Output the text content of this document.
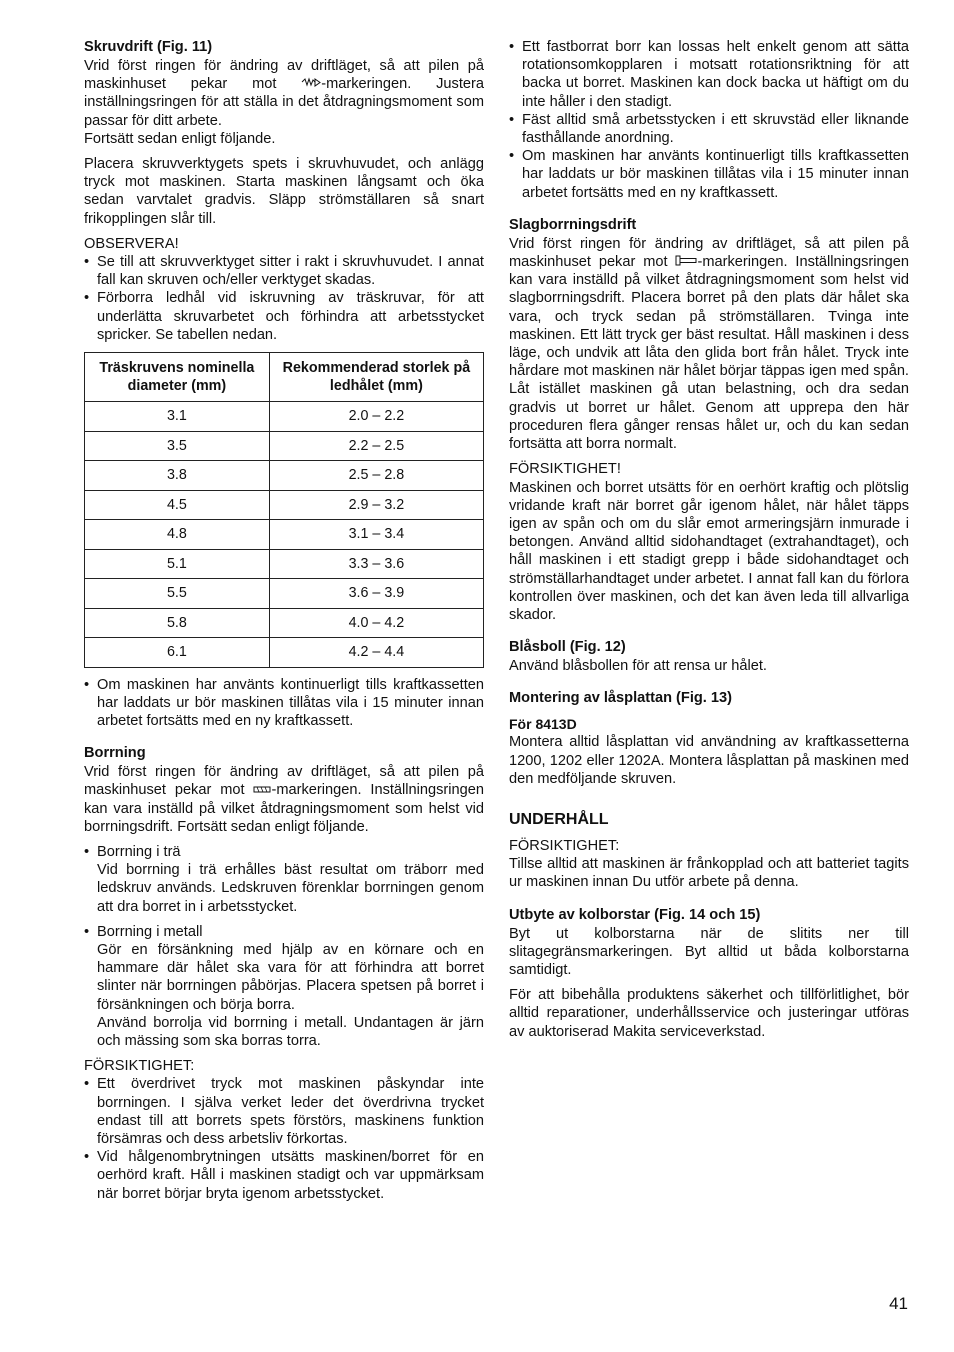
Skruvdrift (Fig. 11)

Vrid först ringen för ändring av driftläget, så att pilen på maskinhuset pekar mot -markeringen. Justera inställningsringen för att ställa in det åtdragningsmoment som passar för ditt arbete.

Fortsätt sedan enligt följande.

Placera skruvverktygets spets i skruvhuvudet, och anlägg tryck mot maskinen. Starta maskinen långsamt och öka sedan varvtalet gradvis. Släpp strömställaren så snart frikopplingen slår till.

OBSERVERA!

• Se till att skruvverktyget sitter i rakt i skruvhuvudet. I annat fall kan skruven och/eller verktyget skadas.
• Förborra ledhål vid iskruvning av träskruvar, för att underlätta skruvarbetet och förhindra att arbetsstycket spricker. Se tabellen nedan.
Träskruvens nominella diameter (mm)	Rekommenderad storlek på ledhålet (mm)
3.1	2.0 – 2.2
3.5	2.2 – 2.5
3.8	2.5 – 2.8
4.5	2.9 – 3.2
4.8	3.1 – 3.4
5.1	3.3 – 3.6
5.5	3.6 – 3.9
5.8	4.0 – 4.2
6.1	4.2 – 4.4
• Om maskinen har använts kontinuerligt tills kraftkassetten har laddats ur bör maskinen tillåtas vila i 15 minuter innan arbetet fortsätts med en ny kraftkassett.
Borrning

Vrid först ringen för ändring av driftläget, så att pilen på maskinhuset pekar mot -markeringen. Inställningsringen kan vara inställd på vilket åtdragningsmoment som helst vid borrningsdrift. Fortsätt sedan enligt följande.

• Borrning i trä
Vid borrning i trä erhålles bäst resultat om träborr med ledskruv används. Ledskruven förenklar borrningen genom att dra borret in i arbetsstycket.
• Borrning i metall
Gör en försänkning med hjälp av en körnare och en hammare där hålet ska vara för att förhindra att borret slinter när borrningen påbörjas. Placera spetsen på borret i försänkningen och börja borra.
Använd borrolja vid borrning i metall. Undantagen är järn och mässing som ska borras torra.

FÖRSIKTIGHET:

• Ett överdrivet tryck mot maskinen påskyndar inte borrningen. I själva verket leder det överdrivna trycket endast till att borrets spets förstörs, maskinens funktion försämras och dess arbetsliv förkortas.
• Vid hålgenombrytningen utsätts maskinen/borret för en oerhörd kraft. Håll i maskinen stadigt och var uppmärksam när borret börjar bryta igenom arbetsstycket.
• Ett fastborrat borr kan lossas helt enkelt genom att sätta rotationsomkopplaren i motsatt rotationsriktning för att backa ut borret. Maskinen kan dock backa ut häftigt om du inte håller i den stadigt.
• Fäst alltid små arbetsstycken i ett skruvstäd eller liknande fasthållande anordning.
• Om maskinen har använts kontinuerligt tills kraftkassetten har laddats ur bör maskinen tillåtas vila i 15 minuter innan arbetet fortsätts med en ny kraftkassett.
Slagborrningsdrift

Vrid först ringen för ändring av driftläget, så att pilen på maskinhuset pekar mot -markeringen. Inställningsringen kan vara inställd på vilket åtdragningsmoment som helst vid slagborrningsdrift. Placera borret på den plats där hålet ska vara, och tryck sedan på strömställaren. Tvinga inte maskinen. Ett lätt tryck ger bäst resultat. Håll maskinen i dess läge, och undvik att låta den glida bort från hålet. Tryck inte hårdare mot maskinen när hålet börjar täppas igen med spån. Låt istället maskinen gå utan belastning, och dra sedan gradvis ut borret ur hålet. Genom att upprepa den här proceduren flera gånger rensas hålet ur, och du kan sedan fortsätta att borra normalt.

FÖRSIKTIGHET!

Maskinen och borret utsätts för en oerhört kraftig och plötslig vridande kraft när borret går igenom hålet, när hålet täpps igen av spån och om du slår emot armeringsjärn inmurade i betongen. Använd alltid sidohandtaget (extrahandtaget), och håll maskinen i ett stadigt grepp i både sidohandtaget och strömställarhandtaget under arbetet. I annat fall kan du förlora kontrollen över maskinen, och det kan även leda till allvarliga skador.

Blåsboll (Fig. 12)

Använd blåsbollen för att rensa ur hålet.

Montering av låsplattan (Fig. 13)
För 8413D

Montera alltid låsplattan vid användning av kraftkassetterna 1200, 1202 eller 1202A. Montera låsplattan på maskinen med den medföljande skruven.

UNDERHÅLL

FÖRSIKTIGHET:

Tillse alltid att maskinen är frånkopplad och att batteriet tagits ur maskinen innan Du utför arbete på denna.

Utbyte av kolborstar (Fig. 14 och 15)

Byt ut kolborstarna när de slitits ner till slitagegränsmarkeringen. Byt alltid ut båda kolborstarna samtidigt.

För att bibehålla produktens säkerhet och tillförlitlighet, bör alltid reparationer, underhållsservice och justeringar utföras av auktoriserad Makita serviceverkstad.

41
